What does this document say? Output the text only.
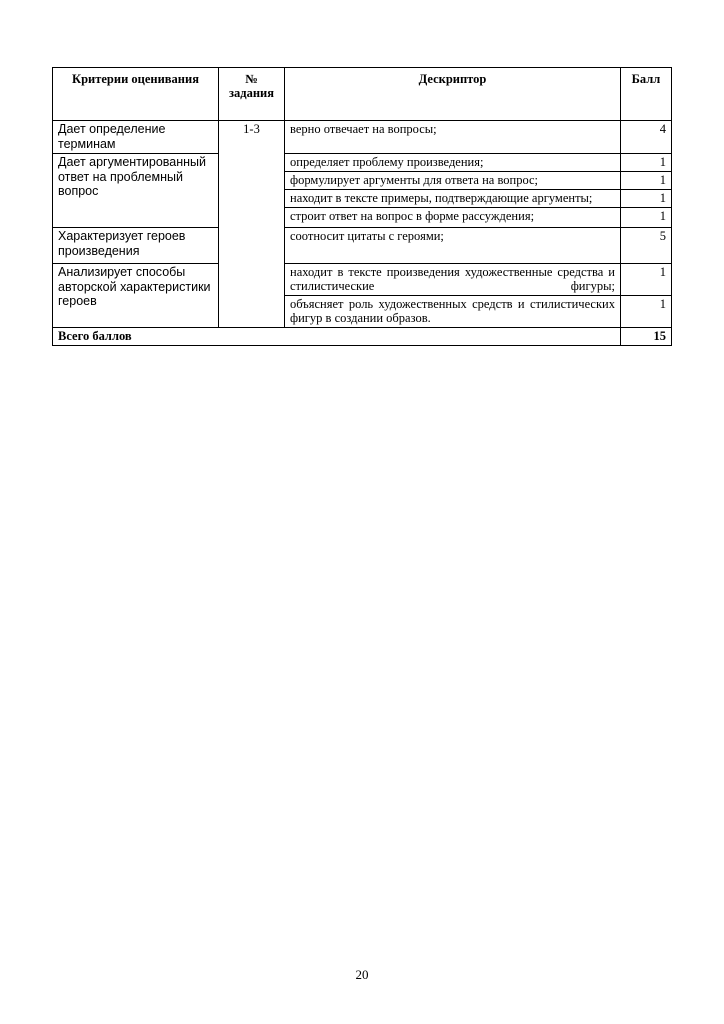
Критерии оценивания	№ задания	Дескриптор	Балл
Дает определение терминам	1-3	верно отвечает на вопросы;	4
Дает аргументированный ответ на проблемный вопрос		определяет проблему произведения;	1
		формулирует аргументы для ответа на вопрос;	1
		находит в тексте примеры, подтверждающие аргументы;	1
		строит ответ на вопрос в форме рассуждения;	1
Характеризует героев произведения		соотносит цитаты с героями;	5
Анализирует способы авторской характеристики героев		находит в тексте произведения художественные средства и стилистические фигуры;	1
		объясняет роль художественных средств и стилистических фигур в создании образов.	1
Всего баллов			15
20
